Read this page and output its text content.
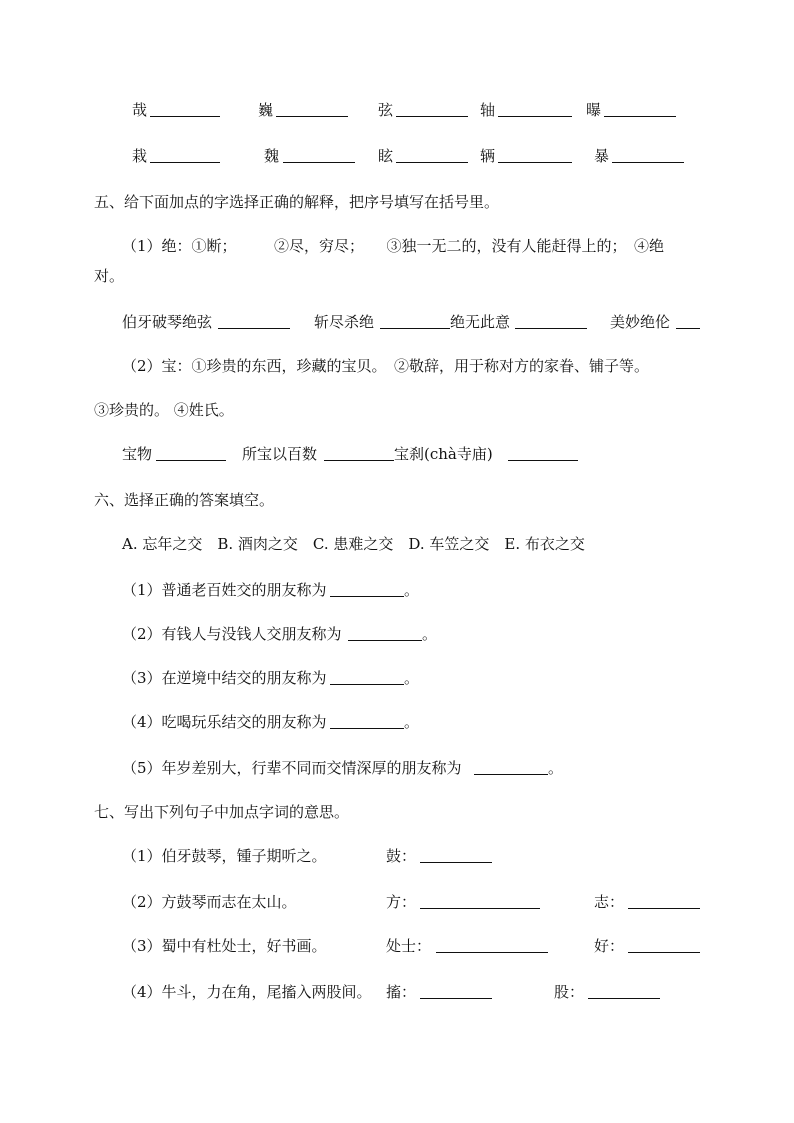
哉	巍	弦	轴	曝
栽	魏	眩	辆	暴
五、给下面加点的字选择正确的解释，把序号填写在括号里。
（1）绝：①断；　　　②尽，穷尽；　　③独一无二的，没有人能赶得上的；　④绝
对。
伯牙破琴绝弦	斩尽杀绝	绝无此意	美妙绝伦
（2）宝：①珍贵的东西，珍藏的宝贝。　②敬辞，用于称对方的家眷、铺子等。
③珍贵的。 ④姓氏。
宝物	所宝以百数	宝刹(chà寺庙)
六、选择正确的答案填空。
A. 忘年之交　B. 酒肉之交　C. 患难之交　D. 车笠之交　E. 布衣之交
（1）普通老百姓交的朋友称为	。
（2）有钱人与没钱人交朋友称为	。
（3）在逆境中结交的朋友称为	。
（4）吃喝玩乐结交的朋友称为	。
（5）年岁差别大，行辈不同而交情深厚的朋友称为	。
七、写出下列句子中加点字词的意思。
（1）伯牙鼓琴，锺子期听之。	鼓：
（2）方鼓琴而志在太山。	方：	志：
（3）蜀中有杜处士，好书画。	处士：	好：
（4）牛斗，力在角，尾搐入两股间。 搐：	股：
